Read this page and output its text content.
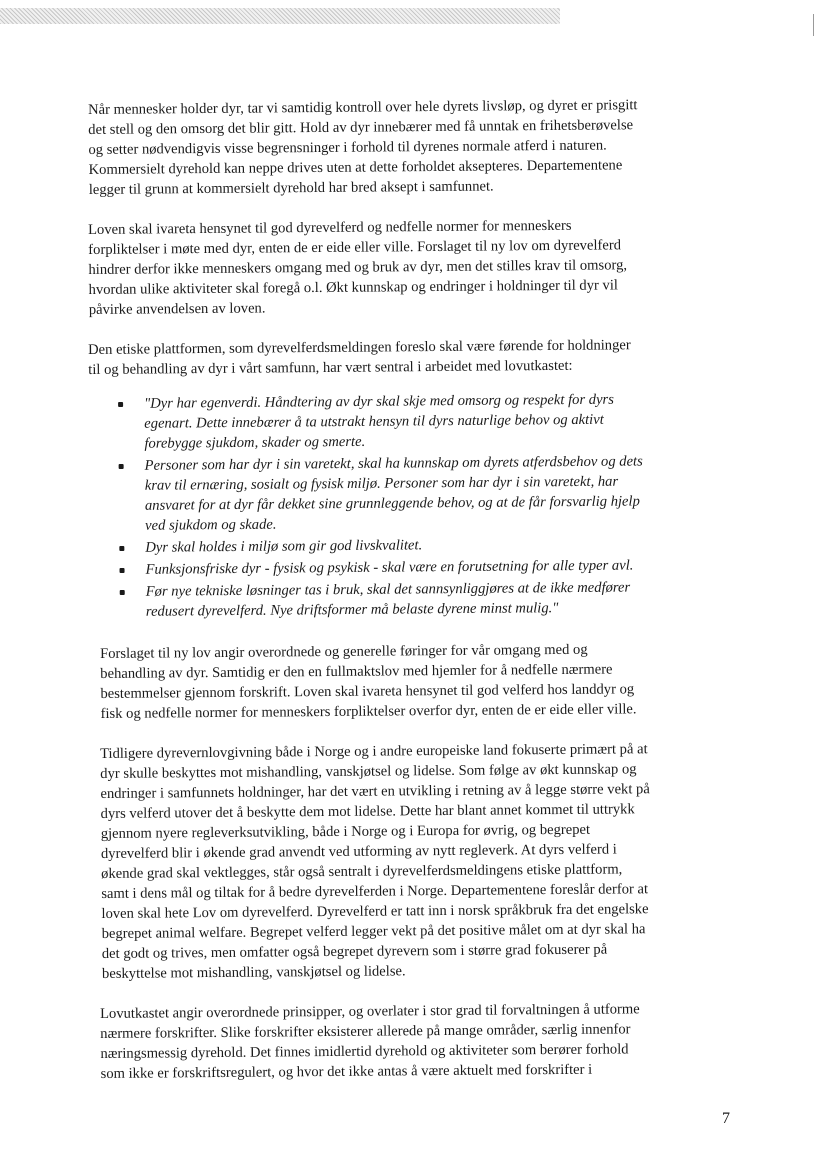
Når mennesker holder dyr, tar vi samtidig kontroll over hele dyrets livsløp, og dyret er prisgitt
det stell og den omsorg det blir gitt. Hold av dyr innebærer med få unntak en frihetsberøvelse
og setter nødvendigvis visse begrensninger i forhold til dyrenes normale atferd i naturen.
Kommersielt dyrehold kan neppe drives uten at dette forholdet aksepteres. Departementene
legger til grunn at kommersielt dyrehold har bred aksept i samfunnet.

Loven skal ivareta hensynet til god dyrevelferd og nedfelle normer for menneskers
forpliktelser i møte med dyr, enten de er eide eller ville. Forslaget til ny lov om dyrevelferd
hindrer derfor ikke menneskers omgang med og bruk av dyr, men det stilles krav til omsorg,
hvordan ulike aktiviteter skal foregå o.l. Økt kunnskap og endringer i holdninger til dyr vil
påvirke anvendelsen av loven.

Den etiske plattformen, som dyrevelferdsmeldingen foreslo skal være førende for holdninger
til og behandling av dyr i vårt samfunn, har vært sentral i arbeidet med lovutkastet:

"Dyr har egenverdi. Håndtering av dyr skal skje med omsorg og respekt for dyrs
egenart. Dette innebærer å ta utstrakt hensyn til dyrs naturlige behov og aktivt
forebygge sjukdom, skader og smerte.
Personer som har dyr i sin varetekt, skal ha kunnskap om dyrets atferdsbehov og dets
krav til ernæring, sosialt og fysisk miljø. Personer som har dyr i sin varetekt, har
ansvaret for at dyr får dekket sine grunnleggende behov, og at de får forsvarlig hjelp
ved sjukdom og skade.
Dyr skal holdes i miljø som gir god livskvalitet.
Funksjonsfriske dyr - fysisk og psykisk - skal være en forutsetning for alle typer avl.
Før nye tekniske løsninger tas i bruk, skal det sannsynliggjøres at de ikke medfører
redusert dyrevelferd. Nye driftsformer må belaste dyrene minst mulig."

Forslaget til ny lov angir overordnede og generelle føringer for vår omgang med og
behandling av dyr. Samtidig er den en fullmaktslov med hjemler for å nedfelle nærmere
bestemmelser gjennom forskrift. Loven skal ivareta hensynet til god velferd hos landdyr og
fisk og nedfelle normer for menneskers forpliktelser overfor dyr, enten de er eide eller ville.

Tidligere dyrevernlovgivning både i Norge og i andre europeiske land fokuserte primært på at
dyr skulle beskyttes mot mishandling, vanskjøtsel og lidelse. Som følge av økt kunnskap og
endringer i samfunnets holdninger, har det vært en utvikling i retning av å legge større vekt på
dyrs velferd utover det å beskytte dem mot lidelse. Dette har blant annet kommet til uttrykk
gjennom nyere regleverksutvikling, både i Norge og i Europa for øvrig, og begrepet
dyrevelferd blir i økende grad anvendt ved utforming av nytt regleverk. At dyrs velferd i
økende grad skal vektlegges, står også sentralt i dyrevelferdsmeldingens etiske plattform,
samt i dens mål og tiltak for å bedre dyrevelferden i Norge. Departementene foreslår derfor at
loven skal hete Lov om dyrevelferd. Dyrevelferd er tatt inn i norsk språkbruk fra det engelske
begrepet animal welfare. Begrepet velferd legger vekt på det positive målet om at dyr skal ha
det godt og trives, men omfatter også begrepet dyrevern som i større grad fokuserer på
beskyttelse mot mishandling, vanskjøtsel og lidelse.

Lovutkastet angir overordnede prinsipper, og overlater i stor grad til forvaltningen å utforme
nærmere forskrifter. Slike forskrifter eksisterer allerede på mange områder, særlig innenfor
næringsmessig dyrehold. Det finnes imidlertid dyrehold og aktiviteter som berører forhold
som ikke er forskriftsregulert, og hvor det ikke antas å være aktuelt med forskrifter i

7
